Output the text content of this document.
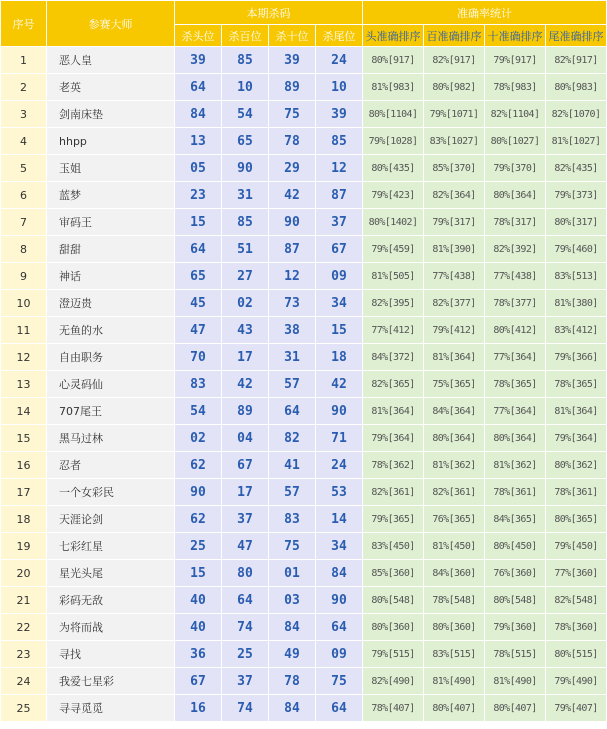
序号	参赛大师	本期杀码				准确率统计			
		杀头位	杀百位	杀十位	杀尾位	头准确排序	百准确排序	十准确排序	尾准确排序
1	恶人皇	39	85	39	24	80%[917]	82%[917]	79%[917]	82%[917]
2	老英	64	10	89	10	81%[983]	80%[982]	78%[983]	80%[983]
3	剑南床垫	84	54	75	39	80%[1104]	79%[1071]	82%[1104]	82%[1070]
4	hhpp	13	65	78	85	79%[1028]	83%[1027]	80%[1027]	81%[1027]
5	玉姐	05	90	29	12	80%[435]	85%[370]	79%[370]	82%[435]
6	蓝梦	23	31	42	87	79%[423]	82%[364]	80%[364]	79%[373]
7	审码王	15	85	90	37	80%[1402]	79%[317]	78%[317]	80%[317]
8	甜甜	64	51	87	67	79%[459]	81%[390]	82%[392]	79%[460]
9	神话	65	27	12	09	81%[505]	77%[438]	77%[438]	83%[513]
10	澄迈贵	45	02	73	34	82%[395]	82%[377]	78%[377]	81%[380]
11	无鱼的水	47	43	38	15	77%[412]	79%[412]	80%[412]	83%[412]
12	自由职务	70	17	31	18	84%[372]	81%[364]	77%[364]	79%[366]
13	心灵码仙	83	42	57	42	82%[365]	75%[365]	78%[365]	78%[365]
14	707尾王	54	89	64	90	81%[364]	84%[364]	77%[364]	81%[364]
15	黑马过林	02	04	82	71	79%[364]	80%[364]	80%[364]	79%[364]
16	忍者	62	67	41	24	78%[362]	81%[362]	81%[362]	80%[362]
17	一个女彩民	90	17	57	53	82%[361]	82%[361]	78%[361]	78%[361]
18	天涯论剑	62	37	83	14	79%[365]	76%[365]	84%[365]	80%[365]
19	七彩红星	25	47	75	34	83%[450]	81%[450]	80%[450]	79%[450]
20	星光头尾	15	80	01	84	85%[360]	84%[360]	76%[360]	77%[360]
21	彩码无敌	40	64	03	90	80%[548]	78%[548]	80%[548]	82%[548]
22	为将而战	40	74	84	64	80%[360]	80%[360]	79%[360]	78%[360]
23	寻找	36	25	49	09	79%[515]	83%[515]	78%[515]	80%[515]
24	我爱七星彩	67	37	78	75	82%[490]	81%[490]	81%[490]	79%[490]
25	寻寻觅觅	16	74	84	64	78%[407]	80%[407]	80%[407]	79%[407]
